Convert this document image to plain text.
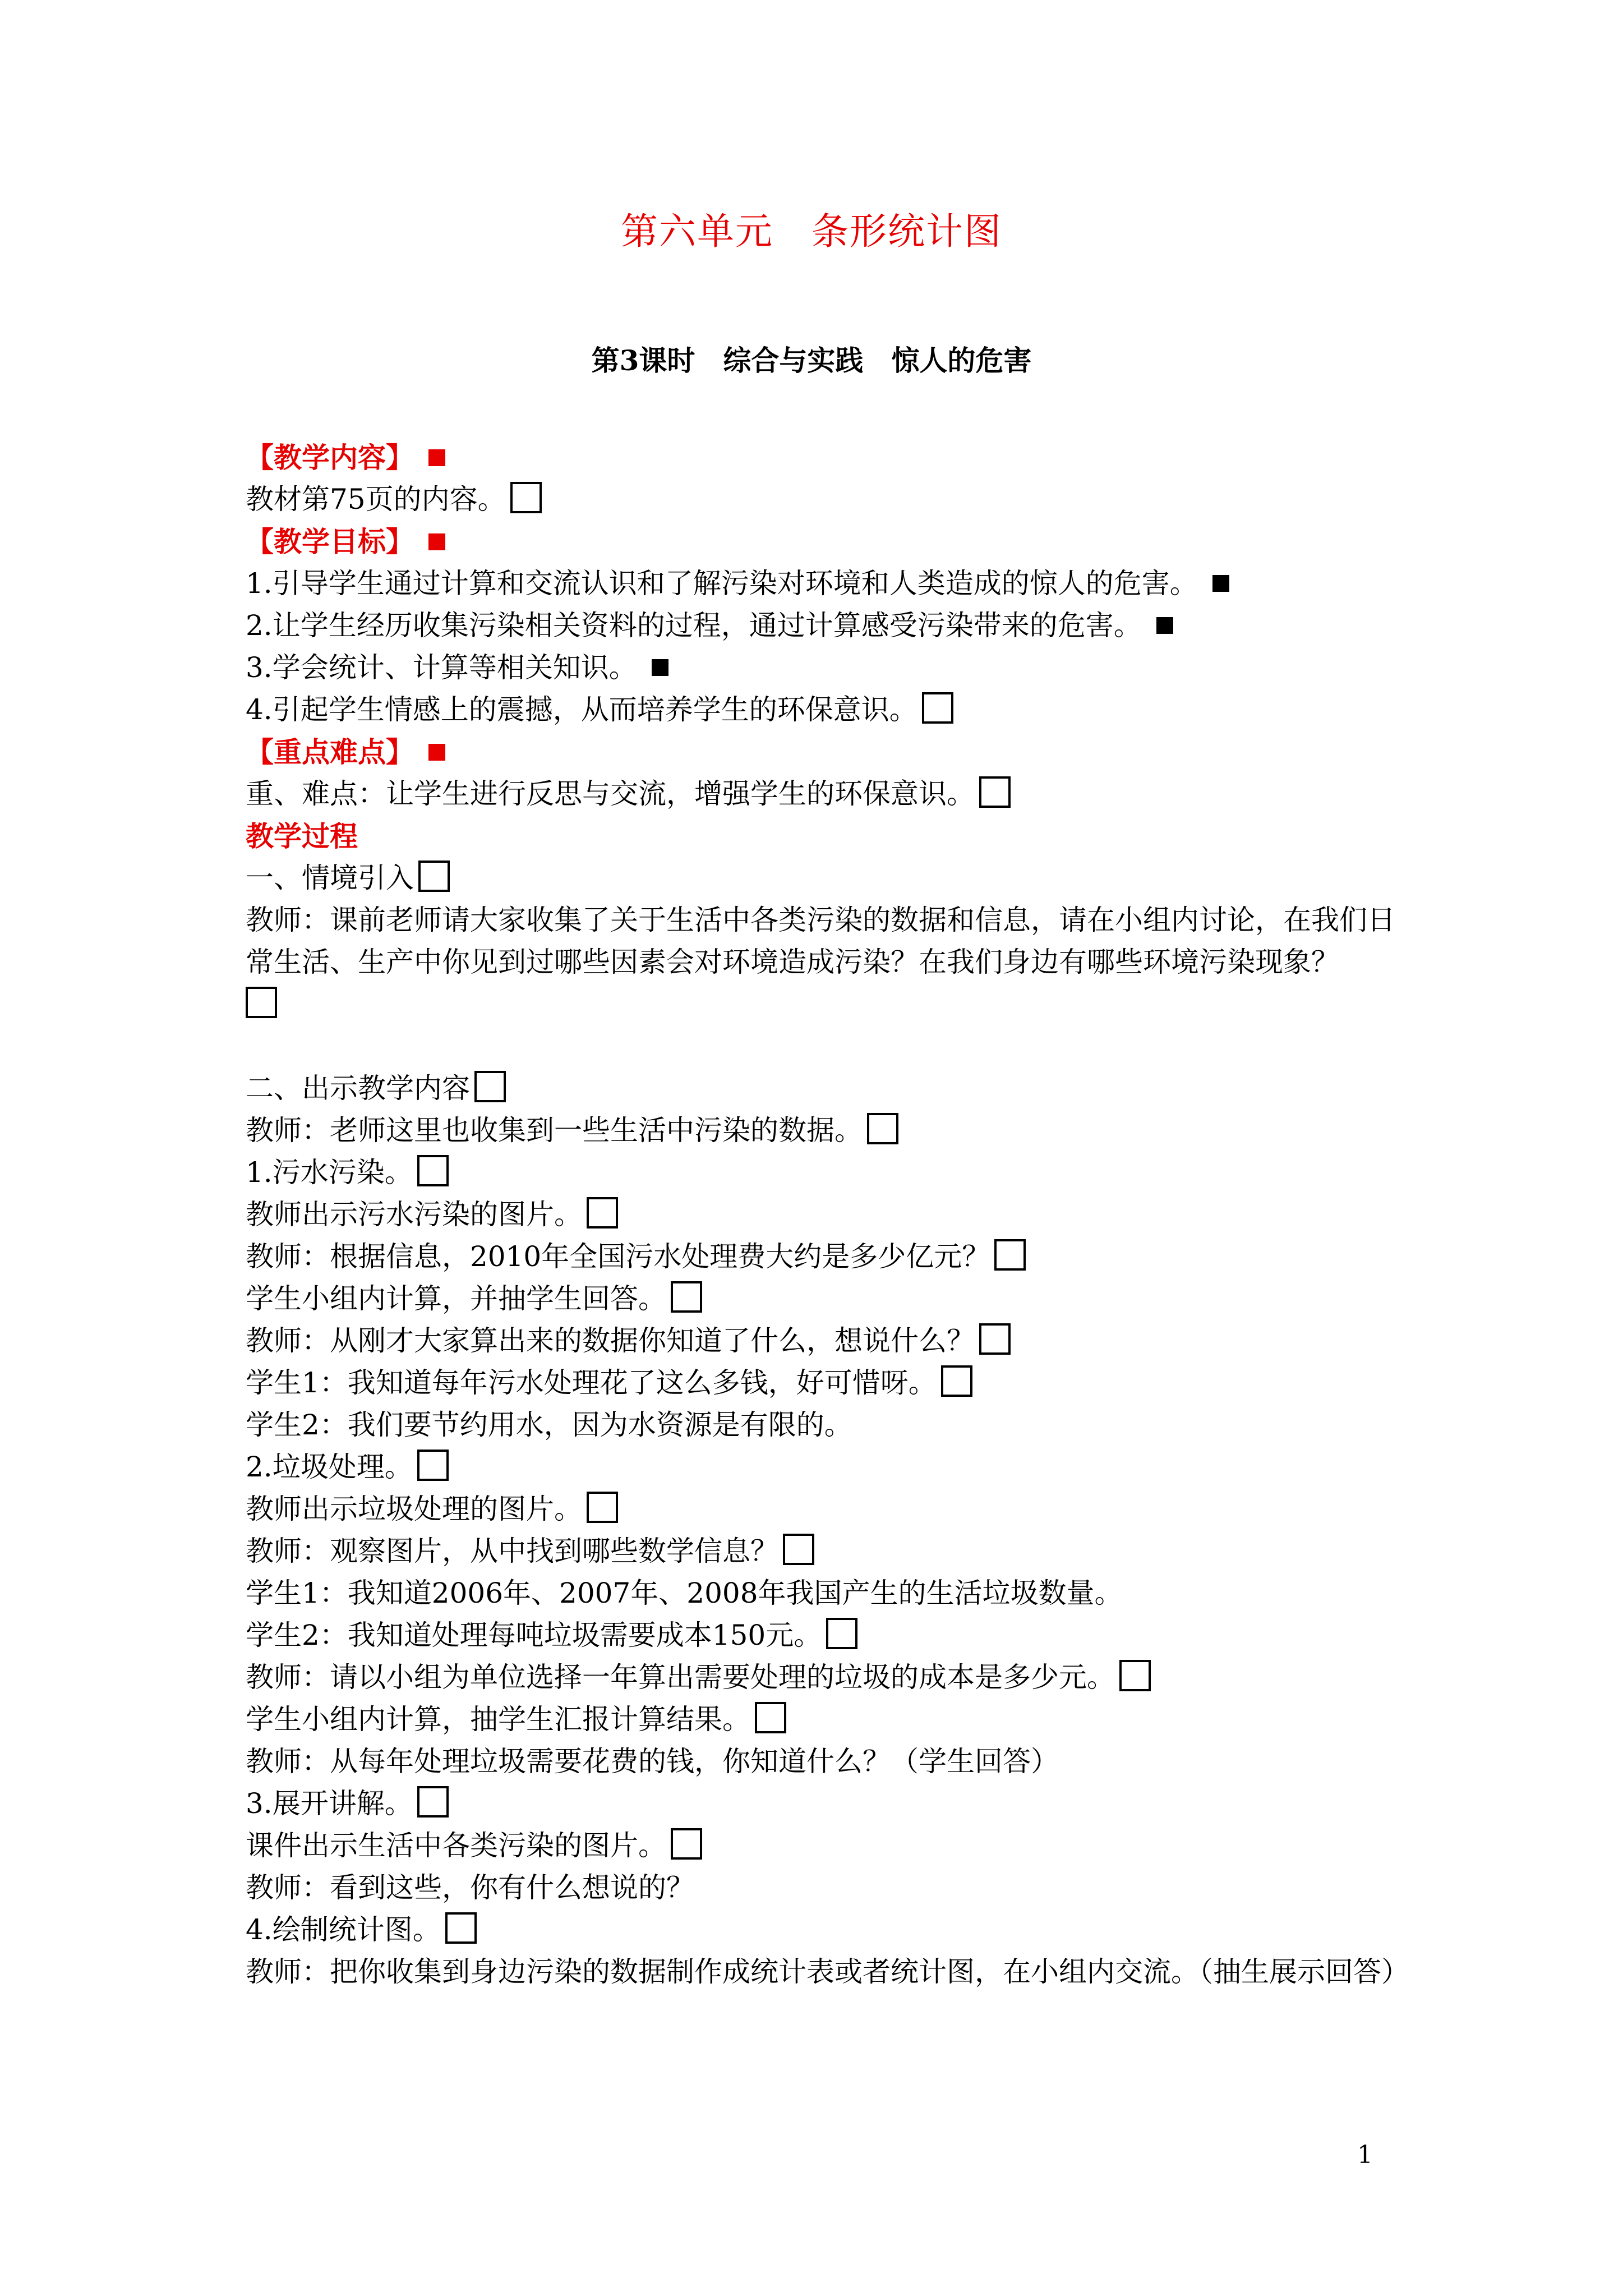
第六单元　条形统计图
第3课时　综合与实践　惊人的危害
【教学内容】
教材第75页的内容。
【教学目标】
1.引导学生通过计算和交流认识和了解污染对环境和人类造成的惊人的危害。
2.让学生经历收集污染相关资料的过程，通过计算感受污染带来的危害。
3.学会统计、计算等相关知识。
4.引起学生情感上的震撼，从而培养学生的环保意识。
【重点难点】
重、难点：让学生进行反思与交流，增强学生的环保意识。
教学过程
一、情境引入
教师：课前老师请大家收集了关于生活中各类污染的数据和信息，请在小组内讨论，在我们日常生活、生产中你见到过哪些因素会对环境造成污染？在我们身边有哪些环境污染现象？

二、出示教学内容
教师：老师这里也收集到一些生活中污染的数据。
1.污水污染。
教师出示污水污染的图片。
教师：根据信息，2010年全国污水处理费大约是多少亿元？
学生小组内计算，并抽学生回答。
教师：从刚才大家算出来的数据你知道了什么，想说什么？
学生1：我知道每年污水处理花了这么多钱，好可惜呀。
学生2：我们要节约用水，因为水资源是有限的。
2.垃圾处理。
教师出示垃圾处理的图片。
教师：观察图片，从中找到哪些数学信息？
学生1：我知道2006年、2007年、2008年我国产生的生活垃圾数量。
学生2：我知道处理每吨垃圾需要成本150元。
教师：请以小组为单位选择一年算出需要处理的垃圾的成本是多少元。
学生小组内计算，抽学生汇报计算结果。
教师：从每年处理垃圾需要花费的钱，你知道什么？（学生回答）
3.展开讲解。
课件出示生活中各类污染的图片。
教师：看到这些，你有什么想说的？
4.绘制统计图。
教师：把你收集到身边污染的数据制作成统计表或者统计图，在小组内交流。（抽生展示回答）
1
